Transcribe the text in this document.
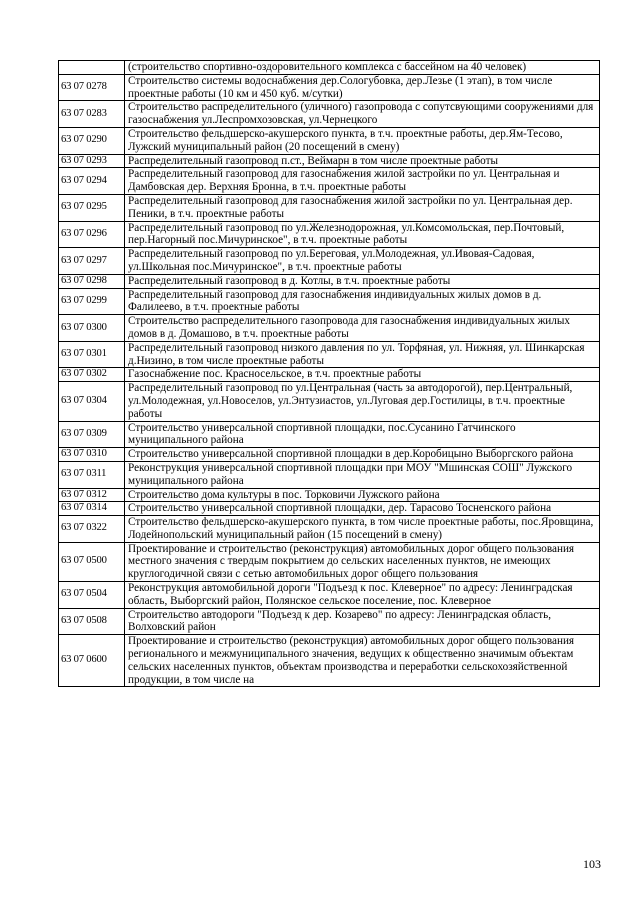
	(строительство спортивно-оздоровительного комплекса с бассейном на 40 человек)
63 07 0278	Строительство системы водоснабжения дер.Сологубовка, дер.Лезье (1 этап), в том числе проектные работы (10 км и 450 куб. м/сутки)
63 07 0283	Строительство распределительного (уличного) газопровода с сопутсвующими сооружениями для газоснабжения ул.Леспромхозовская, ул.Чернецкого
63 07 0290	Строительство фельдшерско-акушерского пункта, в т.ч. проектные работы, дер.Ям-Тесово, Лужский муниципальный район (20 посещений в смену)
63 07 0293	Распределительный газопровод п.ст., Веймарн в том числе проектные работы
63 07 0294	Распределительный газопровод для газоснабжения жилой застройки по ул. Центральная и Дамбовская дер. Верхняя Бронна, в т.ч. проектные работы
63 07 0295	Распределительный газопровод для газоснабжения жилой застройки по ул. Центральная дер. Пеники, в т.ч. проектные работы
63 07 0296	Распределительный газопровод по ул.Железнодорожная, ул.Комсомольская, пер.Почтовый, пер.Нагорный пос.Мичуринское", в т.ч. проектные работы
63 07 0297	Распределительный газопровод по ул.Береговая, ул.Молодежная, ул.Ивовая-Садовая, ул.Школьная пос.Мичуринское", в т.ч. проектные работы
63 07 0298	Распределительный газопровод в д. Котлы, в т.ч. проектные работы
63 07 0299	Распределительный газопровод для газоснабжения индивидуальных жилых домов в д. Фалилеево, в т.ч. проектные работы
63 07 0300	Строительство распределительного газопровода для газоснабжения индивидуальных жилых домов в д. Домашово, в т.ч. проектные работы
63 07 0301	Распределительный газопровод низкого давления по ул. Торфяная, ул. Нижняя, ул. Шинкарская д.Низино, в том числе проектные работы
63 07 0302	Газоснабжение пос. Красносельское, в т.ч. проектные работы
63 07 0304	Распределительный газопровод по ул.Центральная (часть за автодорогой), пер.Центральный, ул.Молодежная, ул.Новоселов, ул.Энтузиастов, ул.Луговая дер.Гостилицы, в т.ч. проектные работы
63 07 0309	Строительство универсальной спортивной площадки, пос.Сусанино Гатчинского муниципального района
63 07 0310	Строительство универсальной спортивной площадки в дер.Коробицыно Выборгского района
63 07 0311	Реконструкция универсальной спортивной площадки при МОУ "Мшинская СОШ" Лужского муниципального района
63 07 0312	Строительство дома культуры в пос. Торковичи Лужского района
63 07 0314	Строительство универсальной спортивной площадки, дер. Тарасово Тосненского района
63 07 0322	Строительство фельдшерско-акушерского пункта, в том числе проектные работы, пос.Яровщина, Лодейнопольский муниципальный район (15 посещений в смену)
63 07 0500	Проектирование и строительство (реконструкция) автомобильных дорог общего пользования местного значения с твердым покрытием до сельских населенных пунктов, не имеющих круглогодичной связи с сетью автомобильных дорог общего пользования
63 07 0504	Реконструкция автомобильной дороги "Подъезд к пос. Клеверное" по адресу: Ленинградская область, Выборгский район, Полянское сельское поселение, пос. Клеверное
63 07 0508	Строительство автодороги "Подъезд к дер. Козарево" по адресу: Ленинградская область, Волховский район
63 07 0600	Проектирование и строительство (реконструкция) автомобильных дорог общего пользования регионального и межмуниципального значения, ведущих к общественно значимым объектам сельских населенных пунктов, объектам производства и переработки сельскохозяйственной продукции, в том числе на
103
